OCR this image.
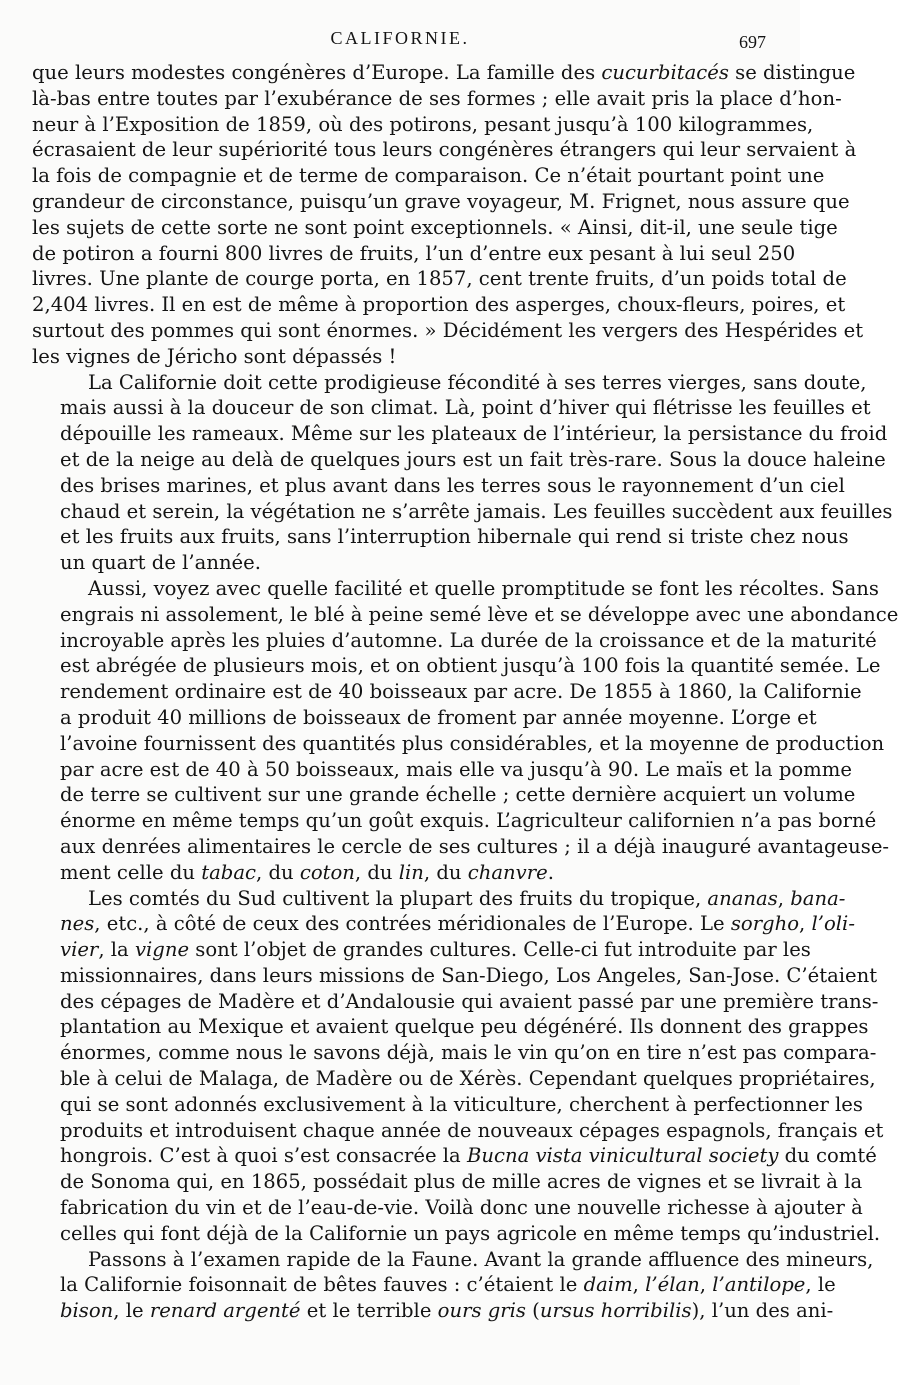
CALIFORNIE.	697

que leurs modestes congénères d’Europe. La famille des cucurbitacés se distingue
là-bas entre toutes par l’exubérance de ses formes ; elle avait pris la place d’hon-
neur à l’Exposition de 1859, où des potirons, pesant jusqu’à 100 kilogrammes,
écrasaient de leur supériorité tous leurs congénères étrangers qui leur servaient à
la fois de compagnie et de terme de comparaison. Ce n’était pourtant point une
grandeur de circonstance, puisqu’un grave voyageur, M. Frignet, nous assure que
les sujets de cette sorte ne sont point exceptionnels. « Ainsi, dit-il, une seule tige
de potiron a fourni 800 livres de fruits, l’un d’entre eux pesant à lui seul 250
livres. Une plante de courge porta, en 1857, cent trente fruits, d’un poids total de
2,404 livres. Il en est de même à proportion des asperges, choux-fleurs, poires, et
surtout des pommes qui sont énormes. » Décidément les vergers des Hespérides et
les vignes de Jéricho sont dépassés !

La Californie doit cette prodigieuse fécondité à ses terres vierges, sans doute,
mais aussi à la douceur de son climat. Là, point d’hiver qui flétrisse les feuilles et
dépouille les rameaux. Même sur les plateaux de l’intérieur, la persistance du froid
et de la neige au delà de quelques jours est un fait très-rare. Sous la douce haleine
des brises marines, et plus avant dans les terres sous le rayonnement d’un ciel
chaud et serein, la végétation ne s’arrête jamais. Les feuilles succèdent aux feuilles
et les fruits aux fruits, sans l’interruption hibernale qui rend si triste chez nous
un quart de l’année.

Aussi, voyez avec quelle facilité et quelle promptitude se font les récoltes. Sans
engrais ni assolement, le blé à peine semé lève et se développe avec une abondance
incroyable après les pluies d’automne. La durée de la croissance et de la maturité
est abrégée de plusieurs mois, et on obtient jusqu’à 100 fois la quantité semée. Le
rendement ordinaire est de 40 boisseaux par acre. De 1855 à 1860, la Californie
a produit 40 millions de boisseaux de froment par année moyenne. L’orge et
l’avoine fournissent des quantités plus considérables, et la moyenne de production
par acre est de 40 à 50 boisseaux, mais elle va jusqu’à 90. Le maïs et la pomme
de terre se cultivent sur une grande échelle ; cette dernière acquiert un volume
énorme en même temps qu’un goût exquis. L’agriculteur californien n’a pas borné
aux denrées alimentaires le cercle de ses cultures ; il a déjà inauguré avantageuse-
ment celle du tabac, du coton, du lin, du chanvre.

Les comtés du Sud cultivent la plupart des fruits du tropique, ananas, bana-
nes, etc., à côté de ceux des contrées méridionales de l’Europe. Le sorgho, l’oli-
vier, la vigne sont l’objet de grandes cultures. Celle-ci fut introduite par les
missionnaires, dans leurs missions de San-Diego, Los Angeles, San-Jose. C’étaient
des cépages de Madère et d’Andalousie qui avaient passé par une première trans-
plantation au Mexique et avaient quelque peu dégénéré. Ils donnent des grappes
énormes, comme nous le savons déjà, mais le vin qu’on en tire n’est pas compara-
ble à celui de Malaga, de Madère ou de Xérès. Cependant quelques propriétaires,
qui se sont adonnés exclusivement à la viticulture, cherchent à perfectionner les
produits et introduisent chaque année de nouveaux cépages espagnols, français et
hongrois. C’est à quoi s’est consacrée la Bucna vista vinicultural society du comté
de Sonoma qui, en 1865, possédait plus de mille acres de vignes et se livrait à la
fabrication du vin et de l’eau-de-vie. Voilà donc une nouvelle richesse à ajouter à
celles qui font déjà de la Californie un pays agricole en même temps qu’industriel.

Passons à l’examen rapide de la Faune. Avant la grande affluence des mineurs,
la Californie foisonnait de bêtes fauves : c’étaient le daim, l’élan, l’antilope, le
bison, le renard argenté et le terrible ours gris (ursus horribilis), l’un des ani-
